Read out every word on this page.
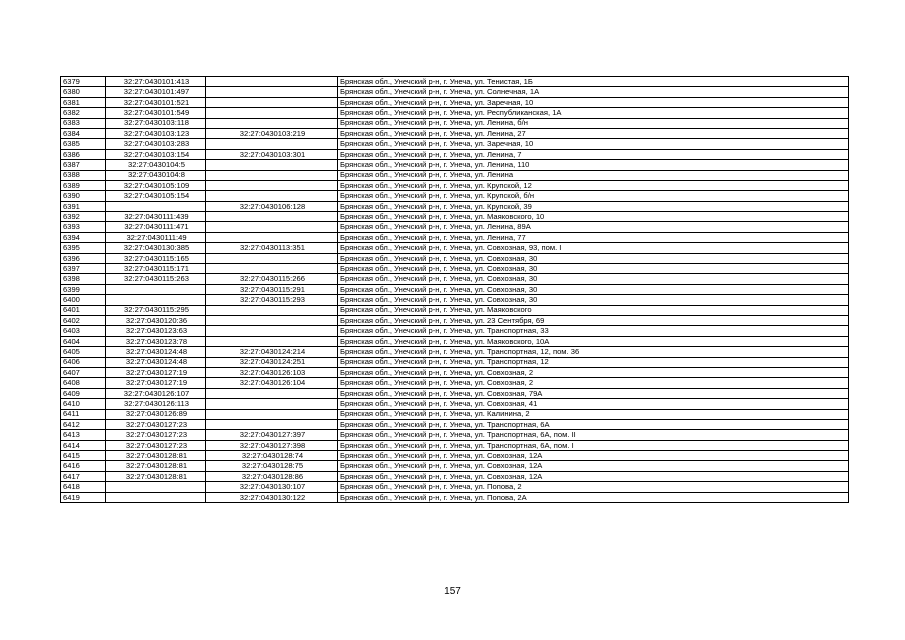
6379	32:27:0430101:413		Брянская обл., Унечский р-н, г. Унеча, ул. Тенистая, 1Б
6380	32:27:0430101:497		Брянская обл., Унечский р-н, г. Унеча, ул. Солнечная, 1А
6381	32:27:0430101:521		Брянская обл., Унечский р-н, г. Унеча, ул. Заречная, 10
6382	32:27:0430101:549		Брянская обл., Унечский р-н, г. Унеча, ул. Республиканская, 1А
6383	32:27:0430103:118		Брянская обл., Унечский р-н, г. Унеча, ул. Ленина, б/н
6384	32:27:0430103:123	32:27:0430103:219	Брянская обл., Унечский р-н, г. Унеча, ул. Ленина, 27
6385	32:27:0430103:283		Брянская обл., Унечский р-н, г. Унеча, ул. Заречная, 10
6386	32:27:0430103:154	32:27:0430103:301	Брянская обл., Унечский р-н, г. Унеча, ул. Ленина, 7
6387	32:27:0430104:5		Брянская обл., Унечский р-н, г. Унеча, ул. Ленина, 110
6388	32:27:0430104:8		Брянская обл., Унечский р-н, г. Унеча, ул. Ленина
6389	32:27:0430105:109		Брянская обл., Унечский р-н, г. Унеча, ул. Крупской, 12
6390	32:27:0430105:154		Брянская обл., Унечский р-н, г. Унеча, ул. Крупской, б/н
6391		32:27:0430106:128	Брянская обл., Унечский р-н, г. Унеча, ул. Крупской, 39
6392	32:27:0430111:439		Брянская обл., Унечский р-н, г. Унеча, ул. Маяковского, 10
6393	32:27:0430111:471		Брянская обл., Унечский р-н, г. Унеча, ул. Ленина, 89А
6394	32:27:0430111:49		Брянская обл., Унечский р-н, г. Унеча, ул. Ленина, 77
6395	32:27:0430130:385	32:27:0430113:351	Брянская обл., Унечский р-н, г. Унеча, ул. Совхозная, 93, пом. I
6396	32:27:0430115:165		Брянская обл., Унечский р-н, г. Унеча, ул. Совхозная, 30
6397	32:27:0430115:171		Брянская обл., Унечский р-н, г. Унеча, ул. Совхозная, 30
6398	32:27:0430115:263	32:27:0430115:266	Брянская обл., Унечский р-н, г. Унеча, ул. Совхозная, 30
6399		32:27:0430115:291	Брянская обл., Унечский р-н, г. Унеча, ул. Совхозная, 30
6400		32:27:0430115:293	Брянская обл., Унечский р-н, г. Унеча, ул. Совхозная, 30
6401	32:27:0430115:295		Брянская обл., Унечский р-н, г. Унеча, ул. Маяковского
6402	32:27:0430120:36		Брянская обл., Унечский р-н, г. Унеча, ул. 23 Сентября, 69
6403	32:27:0430123:63		Брянская обл., Унечский р-н, г. Унеча, ул. Транспортная, 33
6404	32:27:0430123:78		Брянская обл., Унечский р-н, г. Унеча, ул. Маяковского, 10А
6405	32:27:0430124:48	32:27:0430124:214	Брянская обл., Унечский р-н, г. Унеча, ул. Транспортная, 12, пом. 36
6406	32:27:0430124:48	32:27:0430124:251	Брянская обл., Унечский р-н, г. Унеча, ул. Транспортная, 12
6407	32:27:0430127:19	32:27:0430126:103	Брянская обл., Унечский р-н, г. Унеча, ул. Совхозная, 2
6408	32:27:0430127:19	32:27:0430126:104	Брянская обл., Унечский р-н, г. Унеча, ул. Совхозная, 2
6409	32:27:0430126:107		Брянская обл., Унечский р-н, г. Унеча, ул. Совхозная, 79А
6410	32:27:0430126:113		Брянская обл., Унечский р-н, г. Унеча, ул. Совхозная, 41
6411	32:27:0430126:89		Брянская обл., Унечский р-н, г. Унеча, ул. Калинина, 2
6412	32:27:0430127:23		Брянская обл., Унечский р-н, г. Унеча, ул. Транспортная, 6А
6413	32:27:0430127:23	32:27:0430127:397	Брянская обл., Унечский р-н, г. Унеча, ул. Транспортная, 6А, пом. II
6414	32:27:0430127:23	32:27:0430127:398	Брянская обл., Унечский р-н, г. Унеча, ул. Транспортная, 6А, пом. I
6415	32:27:0430128:81	32:27:0430128:74	Брянская обл., Унечский р-н, г. Унеча, ул. Совхозная, 12А
6416	32:27:0430128:81	32:27:0430128:75	Брянская обл., Унечский р-н, г. Унеча, ул. Совхозная, 12А
6417	32:27:0430128:81	32:27:0430128:86	Брянская обл., Унечский р-н, г. Унеча, ул. Совхозная, 12А
6418		32:27:0430130:107	Брянская обл., Унечский р-н, г. Унеча, ул. Попова, 2
6419		32:27:0430130:122	Брянская обл., Унечский р-н, г. Унеча, ул. Попова, 2А
157
